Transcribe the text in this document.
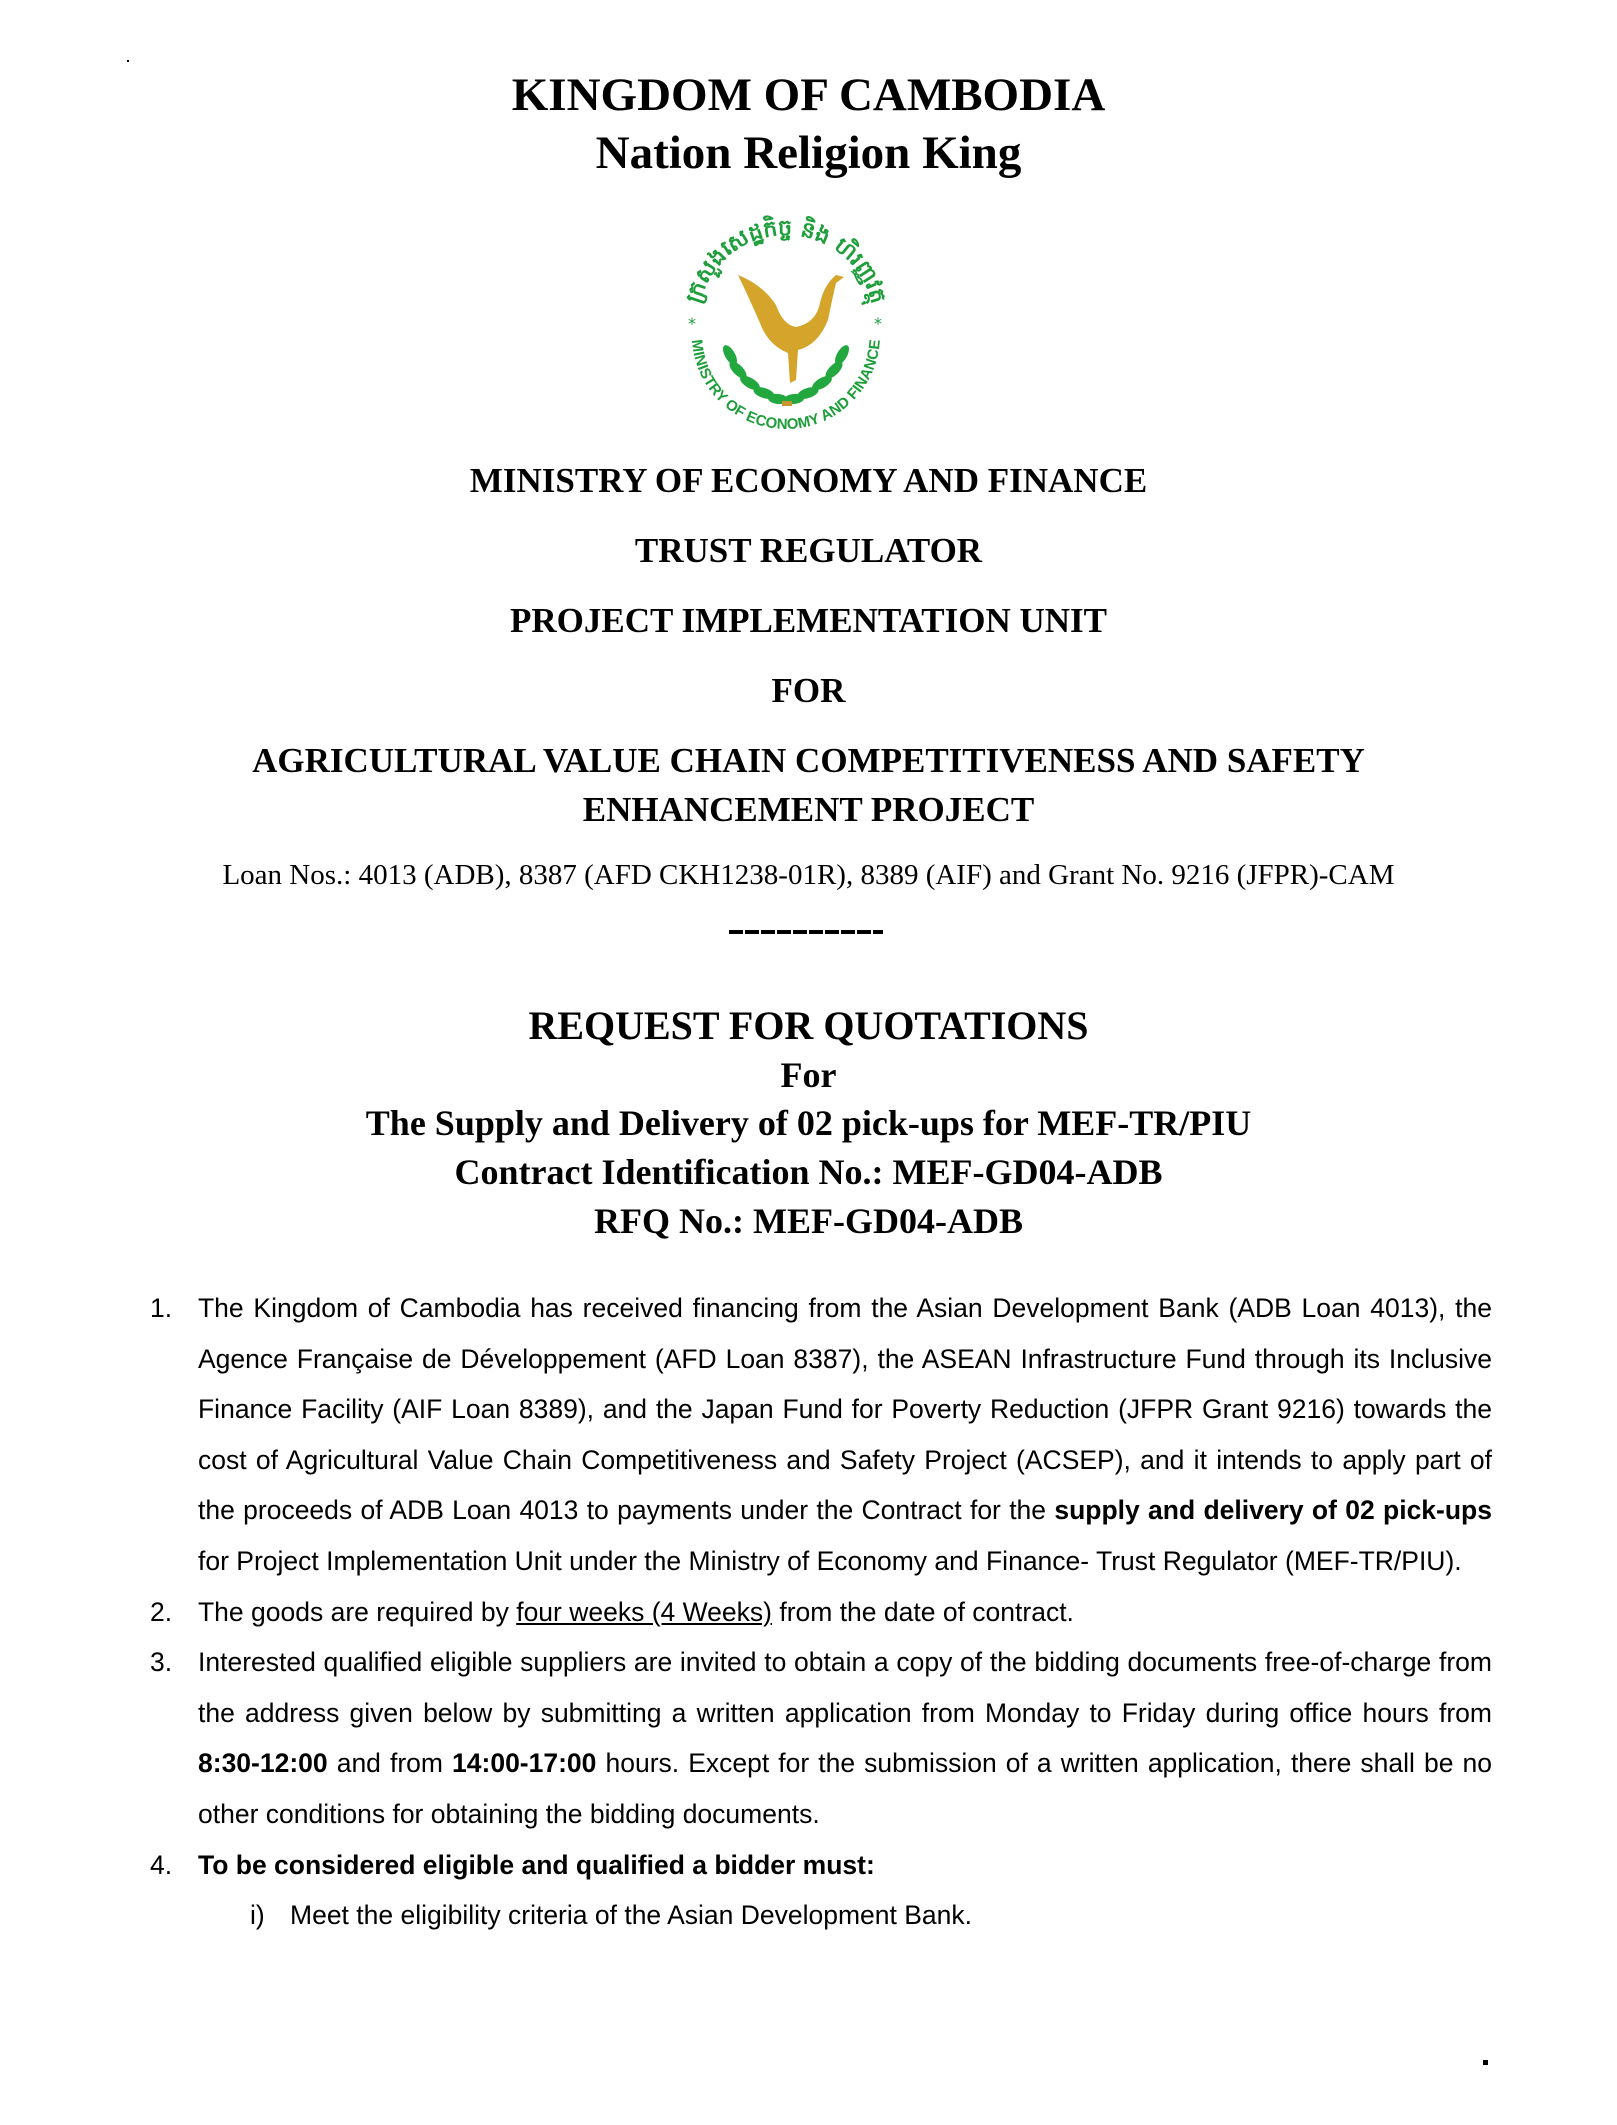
KINGDOM OF CAMBODIA
Nation Religion King
ក្រសួងសេដ្ឋកិច្ច និង ហិរញ្ញវត្ថុ
MINISTRY OF ECONOMY AND FINANCE
*	*
MINISTRY OF ECONOMY AND FINANCE
TRUST REGULATOR
PROJECT IMPLEMENTATION UNIT
FOR
AGRICULTURAL VALUE CHAIN COMPETITIVENESS AND SAFETY
ENHANCEMENT PROJECT
Loan Nos.: 4013 (ADB), 8387 (AFD CKH1238-01R), 8389 (AIF) and Grant No. 9216 (JFPR)-CAM
REQUEST FOR QUOTATIONS
For
The Supply and Delivery of 02 pick-ups for MEF-TR/PIU
Contract Identification No.: MEF-GD04-ADB
RFQ No.: MEF-GD04-ADB
1. The Kingdom of Cambodia has received financing from the Asian Development Bank (ADB Loan 4013), the Agence Française de Développement (AFD Loan 8387), the ASEAN Infrastructure Fund through its Inclusive Finance Facility (AIF Loan 8389), and the Japan Fund for Poverty Reduction (JFPR Grant 9216) towards the cost of Agricultural Value Chain Competitiveness and Safety Project (ACSEP), and it intends to apply part of the proceeds of ADB Loan 4013 to payments under the Contract for the supply and delivery of 02 pick-ups for Project Implementation Unit under the Ministry of Economy and Finance- Trust Regulator (MEF-TR/PIU).
2. The goods are required by four weeks (4 Weeks) from the date of contract.
3. Interested qualified eligible suppliers are invited to obtain a copy of the bidding documents free-of-charge from the address given below by submitting a written application from Monday to Friday during office hours from 8:30-12:00 and from 14:00-17:00 hours. Except for the submission of a written application, there shall be no other conditions for obtaining the bidding documents.
4. To be considered eligible and qualified a bidder must:
i) Meet the eligibility criteria of the Asian Development Bank.
